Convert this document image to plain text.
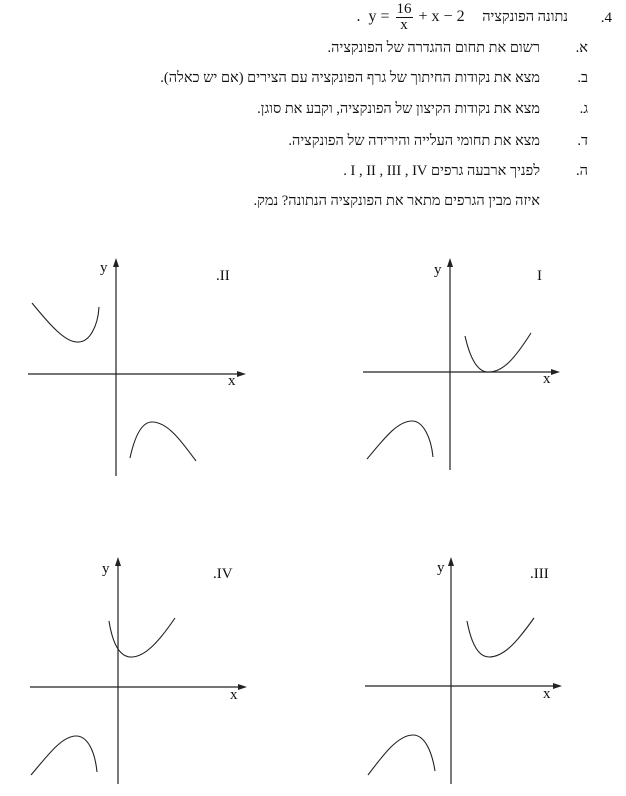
.4
נתונה הפונקציה . $y = \frac{16}{x} + x - 2$
א.
רשום את תחום ההגדרה של הפונקציה.
ב.
מצא את נקודות החיתוך של גרף הפונקציה עם הצירים (אם יש כאלה).
ג.
מצא את נקודות הקיצון של הפונקציה, וקבע את סוגן.
ד.
מצא את תחומי העלייה והירידה של הפונקציה.
ה.
לפניך ארבעה גרפים I , II , III , IV .
איזה מבין הגרפים מתאר את הפונקציה הנתונה? נמק.
y
x
.II	y
x
I
y
x
.IV	y
x
.III
